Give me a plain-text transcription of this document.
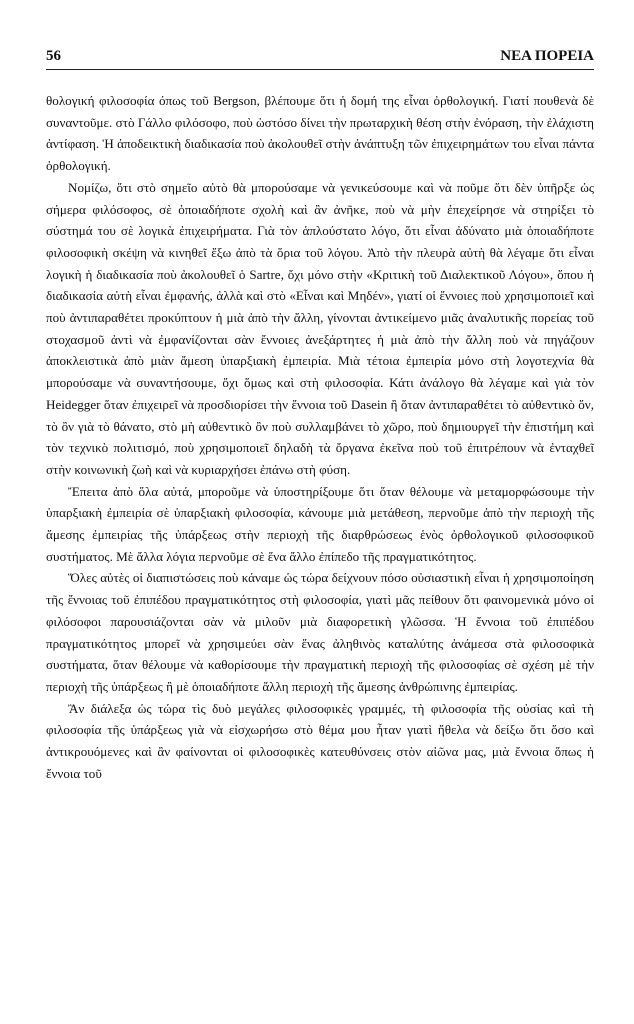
56	ΝΕΑ ΠΟΡΕΙΑ

θολογική φιλοσοφία όπως τοῦ Bergson, βλέπουμε ὅτι ἡ δομή της εἶναι ὀρθολογική. Γιατί πουθενὰ δὲ συναντοῦμε. στὸ Γάλλο φιλόσοφο, ποὺ ὡστόσο δίνει τὴν πρωταρχικὴ θέση στὴν ἐνόραση, τὴν ἐλάχιστη ἀντίφαση. Ἡ ἀποδεικτικὴ διαδικασία ποὺ ἀκολουθεῖ στὴν ἀνάπτυξη τῶν ἐπιχειρημάτων του εἶναι πάντα ὀρθολογική.

Νομίζω, ὅτι στὸ σημεῖο αὐτὸ θὰ μπορούσαμε νὰ γενικεύσουμε καὶ νὰ ποῦμε ὅτι δὲν ὑπῆρξε ὡς σήμερα φιλόσοφος, σὲ ὁποιαδήποτε σχολὴ καὶ ἂν ἀνῆκε, ποὺ νὰ μὴν ἐπεχείρησε νὰ στηρίξει τὸ σύστημά του σὲ λογικὰ ἐπιχειρήματα. Γιὰ τὸν ἁπλούστατο λόγο, ὅτι εἶναι ἀδύνατο μιὰ ὁποιαδήποτε φιλοσοφικὴ σκέψη νὰ κινηθεῖ ἔξω ἀπὸ τὰ ὅρια τοῦ λόγου. Ἀπὸ τὴν πλευρὰ αὐτὴ θὰ λέγαμε ὅτι εἶναι λογικὴ ἡ διαδικασία ποὺ ἀκολουθεῖ ὁ Sartre, ὄχι μόνο στὴν «Κριτικὴ τοῦ Διαλεκτικοῦ Λόγου», ὅπου ἡ διαδικασία αὐτὴ εἶναι ἐμφανής, ἀλλὰ καὶ στὸ «Εἶναι καὶ Μηδέν», γιατί οἱ ἔννοιες ποὺ χρησιμοποιεῖ καὶ ποὺ ἀντιπαραθέτει προκύπτουν ἡ μιὰ ἀπὸ τὴν ἄλλη, γίνονται ἀντικείμενο μιᾶς ἀναλυτικῆς πορείας τοῦ στοχασμοῦ ἀντὶ νὰ ἐμφανίζονται σὰν ἔννοιες ἀνεξάρτητες ἡ μιὰ ἀπὸ τὴν ἄλλη ποὺ νὰ πηγάζουν ἀποκλειστικὰ ἀπὸ μιὰν ἄμεση ὑπαρξιακὴ ἐμπειρία. Μιὰ τέτοια ἐμπειρία μόνο στὴ λογοτεχνία θὰ μπορούσαμε νὰ συναντήσουμε, ὄχι ὅμως καὶ στὴ φιλοσοφία. Κάτι ἀνάλογο θὰ λέγαμε καὶ γιὰ τὸν Heidegger ὅταν ἐπιχειρεῖ νὰ προσδιορίσει τὴν ἔννοια τοῦ Dasein ἢ ὅταν ἀντιπαραθέτει τὸ αὐθεντικὸ ὄν, τὸ ὂν γιὰ τὸ θάνατο, στὸ μὴ αὐθεντικὸ ὂν ποὺ συλλαμβάνει τὸ χῶρο, ποὺ δημιουργεῖ τὴν ἐπιστήμη καὶ τὸν τεχνικὸ πολιτισμό, ποὺ χρησιμοποιεῖ δηλαδὴ τὰ ὄργανα ἐκεῖνα ποὺ τοῦ ἐπιτρέπουν νὰ ἐνταχθεῖ στὴν κοινωνικὴ ζωὴ καὶ νὰ κυριαρχήσει ἐπάνω στὴ φύση.

Ἔπειτα ἀπὸ ὅλα αὐτά, μποροῦμε νὰ ὑποστηρίξουμε ὅτι ὅταν θέλουμε νὰ μεταμορφώσουμε τὴν ὑπαρξιακὴ ἐμπειρία σὲ ὑπαρξιακὴ φιλοσοφία, κάνουμε μιὰ μετάθεση, περνοῦμε ἀπὸ τὴν περιοχὴ τῆς ἄμεσης ἐμπειρίας τῆς ὑπάρξεως στὴν περιοχὴ τῆς διαρθρώσεως ἑνὸς ὀρθολογικοῦ φιλοσοφικοῦ συστήματος. Μὲ ἄλλα λόγια περνοῦμε σὲ ἕνα ἄλλο ἐπίπεδο τῆς πραγματικότητος.

Ὅλες αὐτὲς οἱ διαπιστώσεις ποὺ κάναμε ὡς τώρα δείχνουν πόσο οὐσιαστικὴ εἶναι ἡ χρησιμοποίηση τῆς ἔννοιας τοῦ ἐπιπέδου πραγματικότητος στὴ φιλοσοφία, γιατὶ μᾶς πείθουν ὅτι φαινομενικὰ μόνο οἱ φιλόσοφοι παρουσιάζονται σὰν νὰ μιλοῦν μιὰ διαφορετικὴ γλῶσσα. Ἡ ἔννοια τοῦ ἐπιπέδου πραγματικότητος μπορεῖ νὰ χρησιμεύει σὰν ἕνας ἀληθινὸς καταλύτης ἀνάμεσα στὰ φιλοσοφικὰ συστήματα, ὅταν θέλουμε νὰ καθορίσουμε τὴν πραγματικὴ περιοχὴ τῆς φιλοσοφίας σὲ σχέση μὲ τὴν περιοχὴ τῆς ὑπάρξεως ἢ μὲ ὁποιαδήποτε ἄλλη περιοχὴ τῆς ἄμεσης ἀνθρώπινης ἐμπειρίας.

Ἂν διάλεξα ὡς τώρα τὶς δυὸ μεγάλες φιλοσοφικὲς γραμμές, τὴ φιλοσοφία τῆς οὐσίας καὶ τὴ φιλοσοφία τῆς ὑπάρξεως γιὰ νὰ εἰσχωρήσω στὸ θέμα μου ἦταν γιατὶ ἤθελα νὰ δείξω ὅτι ὅσο καὶ ἀντικρουόμενες καὶ ἂν φαίνονται οἱ φιλοσοφικὲς κατευθύνσεις στὸν αἰῶνα μας, μιὰ ἔννοια ὅπως ἡ ἔννοια τοῦ
